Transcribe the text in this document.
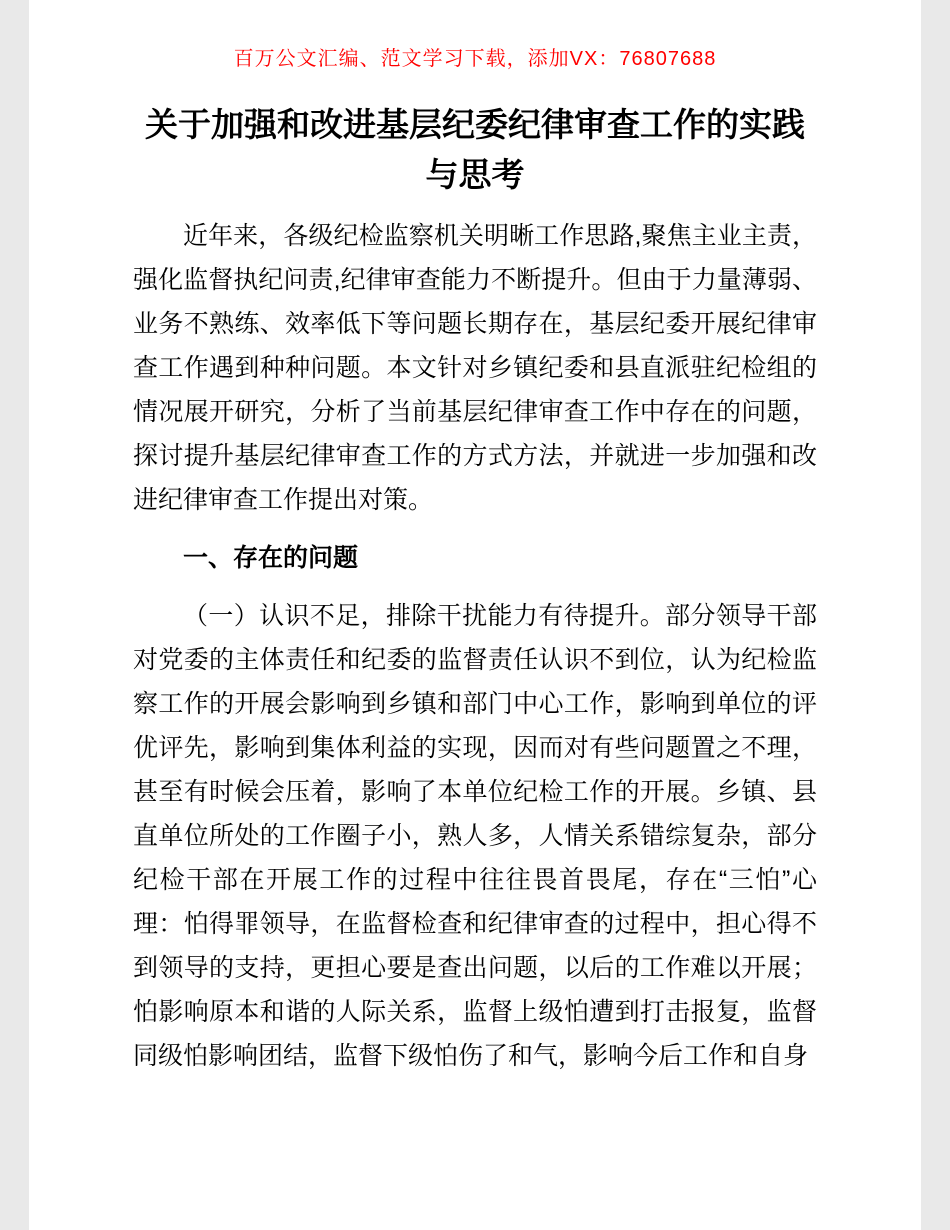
百万公文汇编、范文学习下载，添加VX：76807688
关于加强和改进基层纪委纪律审查工作的实践与思考

近年来，各级纪检监察机关明晰工作思路,聚焦主业主责，强化监督执纪问责,纪律审查能力不断提升。但由于力量薄弱、业务不熟练、效率低下等问题长期存在，基层纪委开展纪律审查工作遇到种种问题。本文针对乡镇纪委和县直派驻纪检组的情况展开研究，分析了当前基层纪律审查工作中存在的问题，探讨提升基层纪律审查工作的方式方法，并就进一步加强和改进纪律审查工作提出对策。

一、存在的问题

（一）认识不足，排除干扰能力有待提升。部分领导干部对党委的主体责任和纪委的监督责任认识不到位，认为纪检监察工作的开展会影响到乡镇和部门中心工作，影响到单位的评优评先，影响到集体利益的实现，因而对有些问题置之不理，甚至有时候会压着，影响了本单位纪检工作的开展。乡镇、县直单位所处的工作圈子小，熟人多，人情关系错综复杂，部分纪检干部在开展工作的过程中往往畏首畏尾，存在“三怕”心理：怕得罪领导，在监督检查和纪律审查的过程中，担心得不到领导的支持，更担心要是查出问题，以后的工作难以开展；怕影响原本和谐的人际关系，监督上级怕遭到打击报复，监督同级怕影响团结，监督下级怕伤了和气，影响今后工作和自身
